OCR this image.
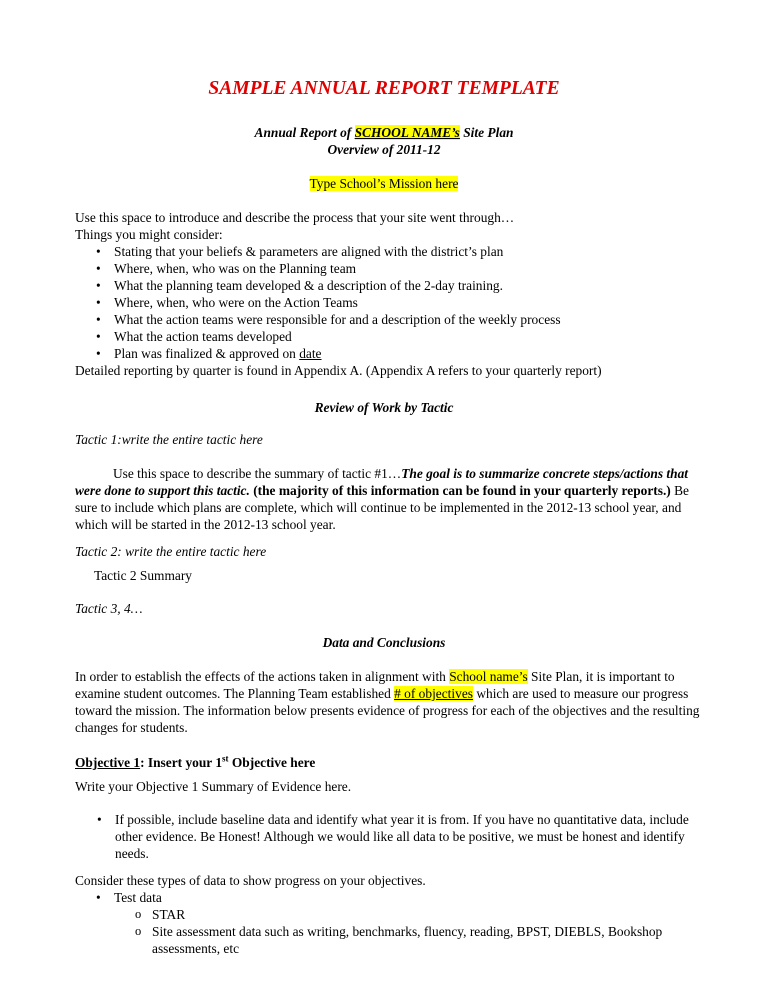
SAMPLE ANNUAL REPORT TEMPLATE
Annual Report of SCHOOL NAME’s Site Plan
Overview of 2011-12
Type School’s Mission here
Use this space to introduce and describe the process that your site went through…
Things you might consider:
• Stating that your beliefs & parameters are aligned with the district’s plan
• Where, when, who was on the Planning team
• What the planning team developed & a description of the 2-day training.
• Where, when, who were on the Action Teams
• What the action teams were responsible for and a description of the weekly process
• What the action teams developed
• Plan was finalized & approved on date
Detailed reporting by quarter is found in Appendix A. (Appendix A refers to your quarterly report)
Review of Work by Tactic
Tactic 1:write the entire tactic here
Use this space to describe the summary of tactic #1…The goal is to summarize concrete steps/actions that were done to support this tactic. (the majority of this information can be found in your quarterly reports.) Be sure to include which plans are complete, which will continue to be implemented in the 2012-13 school year, and which will be started in the 2012-13 school year.
Tactic 2: write the entire tactic here
Tactic 2 Summary
Tactic 3, 4…
Data and Conclusions
In order to establish the effects of the actions taken in alignment with School name’s Site Plan, it is important to examine student outcomes. The Planning Team established # of objectives which are used to measure our progress toward the mission. The information below presents evidence of progress for each of the objectives and the resulting changes for students.
Objective 1: Insert your 1st Objective here
Write your Objective 1 Summary of Evidence here.
• If possible, include baseline data and identify what year it is from. If you have no quantitative data, include other evidence. Be Honest! Although we would like all data to be positive, we must be honest and identify needs.
Consider these types of data to show progress on your objectives.
• Test data
o STAR
o Site assessment data such as writing, benchmarks, fluency, reading, BPST, DIEBLS, Bookshop assessments, etc
